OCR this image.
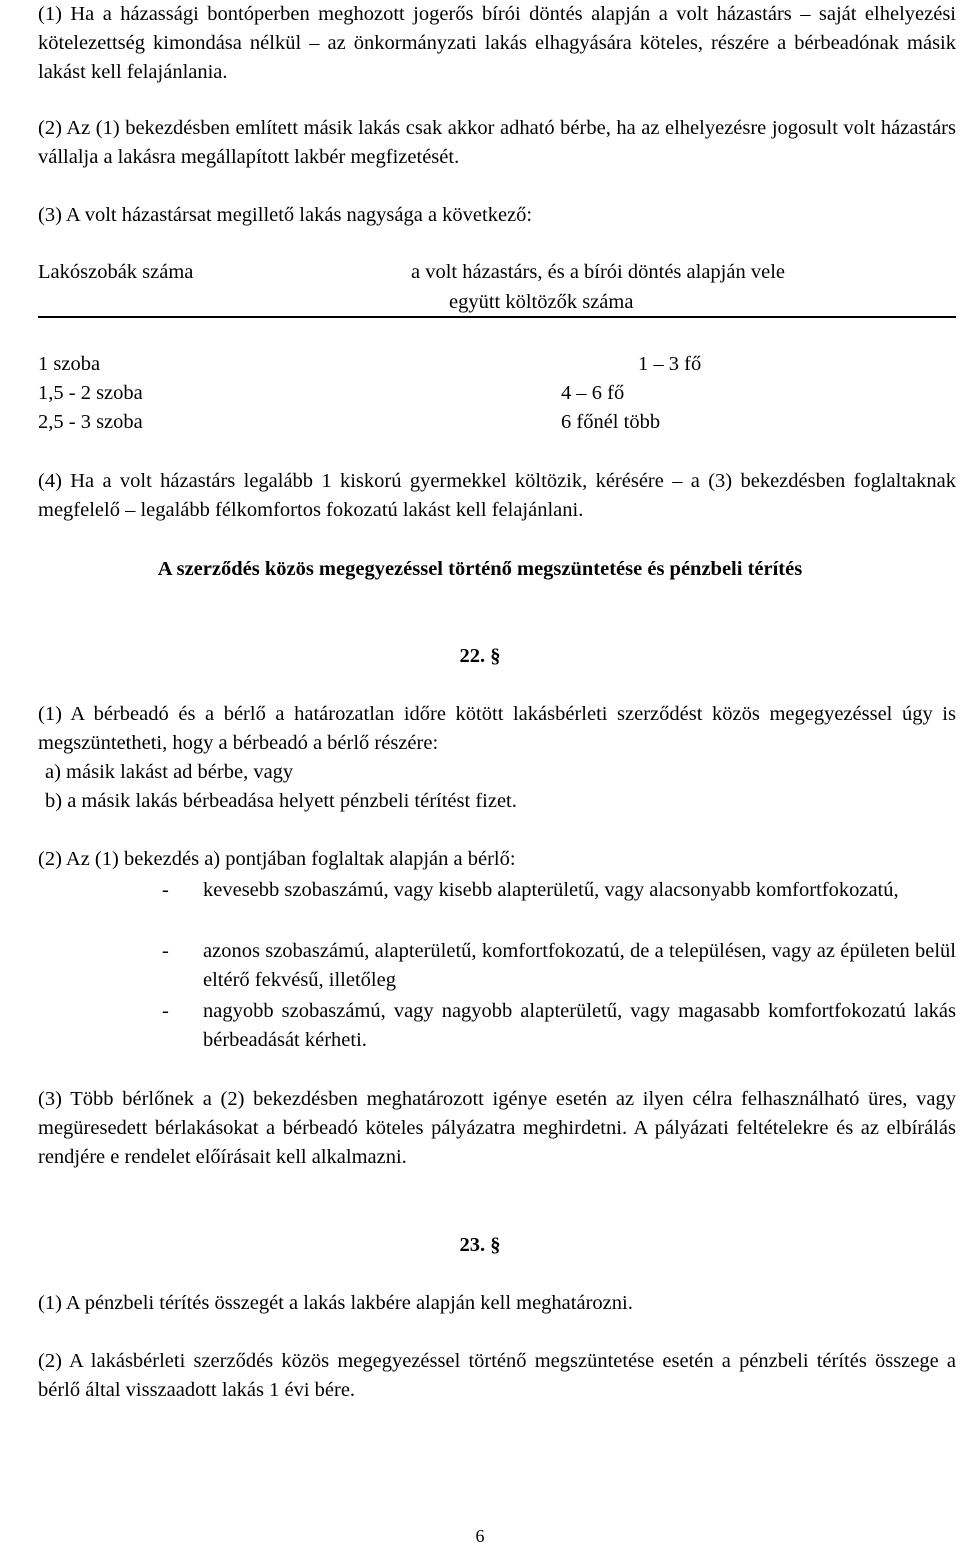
(1) Ha a házassági bontóperben meghozott jogerős bírói döntés alapján a volt házastárs – saját elhelyezési kötelezettség kimondása nélkül – az önkormányzati lakás elhagyására köteles, részére a bérbeadónak másik lakást kell felajánlania.
(2) Az (1) bekezdésben említett másik lakás csak akkor adható bérbe, ha az elhelyezésre jogosult volt házastárs vállalja a lakásra megállapított lakbér megfizetését.
(3) A volt házastársat megillető lakás nagysága a következő:
Lakószobák száma	a volt házastárs, és a bírói döntés alapján vele
együtt költözők száma
1 szoba	1 – 3 fő
1,5 - 2 szoba	4 – 6 fő
2,5 - 3 szoba	6 főnél több
(4) Ha a volt házastárs legalább 1 kiskorú gyermekkel költözik, kérésére – a (3) bekezdésben foglaltaknak megfelelő – legalább félkomfortos fokozatú lakást kell felajánlani.
A szerződés közös megegyezéssel történő megszüntetése és pénzbeli térítés
22. §
(1) A bérbeadó és a bérlő a határozatlan időre kötött lakásbérleti szerződést közös megegyezéssel úgy is megszüntetheti, hogy a bérbeadó a bérlő részére:
a) másik lakást ad bérbe, vagy
b) a másik lakás bérbeadása helyett pénzbeli térítést fizet.
(2) Az (1) bekezdés a) pontjában foglaltak alapján a bérlő:
- kevesebb szobaszámú, vagy kisebb alapterületű, vagy alacsonyabb komfortfokozatú,
- azonos szobaszámú, alapterületű, komfortfokozatú, de a településen, vagy az épületen belül eltérő fekvésű, illetőleg
- nagyobb szobaszámú, vagy nagyobb alapterületű, vagy magasabb komfortfokozatú lakás bérbeadását kérheti.
(3) Több bérlőnek a (2) bekezdésben meghatározott igénye esetén az ilyen célra felhasználható üres, vagy megüresedett bérlakásokat a bérbeadó köteles pályázatra meghirdetni. A pályázati feltételekre és az elbírálás rendjére e rendelet előírásait kell alkalmazni.
23. §
(1) A pénzbeli térítés összegét a lakás lakbére alapján kell meghatározni.
(2) A lakásbérleti szerződés közös megegyezéssel történő megszüntetése esetén a pénzbeli térítés összege a bérlő által visszaadott lakás 1 évi bére.
6
